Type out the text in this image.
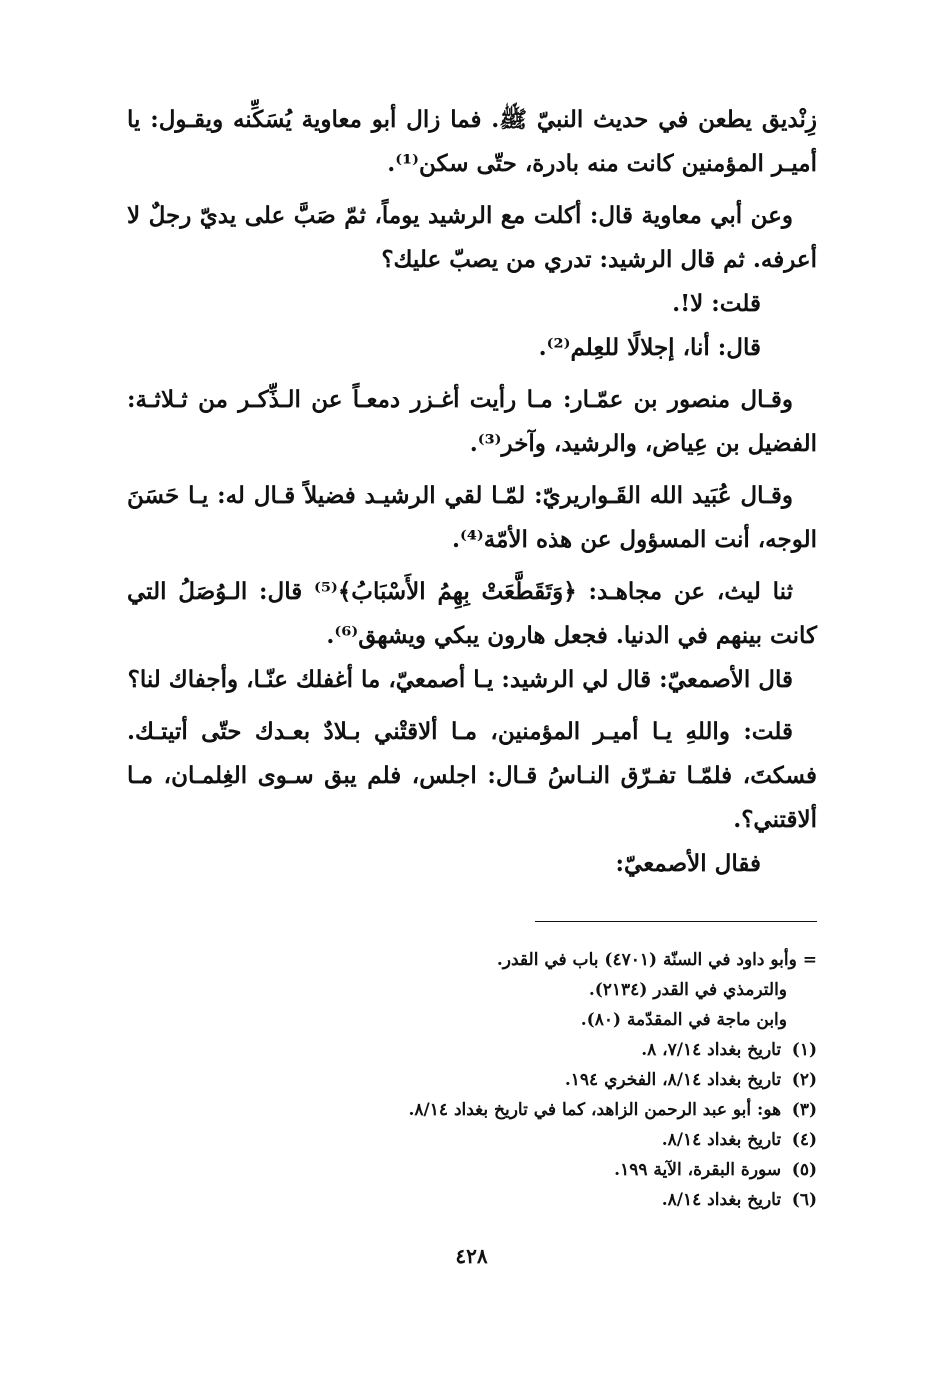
زِنْديق يطعن في حديث النبيّ ﷺ. فما زال أبو معاوية يُسَكِّنه ويقـول: يا أميـر المؤمنين كانت منه بادرة، حتّى سكن⁽¹⁾.

وعن أبي معاوية قال: أكلت مع الرشيد يوماً، ثمّ صَبَّ على يديّ رجلٌ لا أعرفه. ثم قال الرشيد: تدري من يصبّ عليك؟

قلت: لا!.
قال: أنا، إجلالًا للعِلم⁽²⁾.

وقـال منصور بن عمّـار: مـا رأيت أغـزر دمعـاً عن الـذِّكـر من ثـلاثـة: الفضيل بن عِياض، والرشيد، وآخر⁽³⁾.

وقـال عُبَيد الله القَـواريريّ: لمّـا لقي الرشيـد فضيلاً قـال له: يـا حَسَنَ الوجه، أنت المسؤول عن هذه الأمّة⁽⁴⁾.

ثنا ليث، عن مجاهـد: ﴿وَتَقَطَّعَتْ بِهِمُ الأَسْبَابُ﴾⁽⁵⁾ قال: الـوُصَلُ التي كانت بينهم في الدنيا. فجعل هارون يبكي ويشهق⁽⁶⁾.

قال الأصمعيّ: قال لي الرشيد: يـا أصمعيّ، ما أغفلك عنّـا، وأجفاك لنا؟

قلت: واللهِ يـا أميـر المؤمنين، مـا ألاقتْني بـلادٌ بعـدك حتّى أتيتـك. فسكتَ، فلمّـا تفـرّق النـاسُ قـال: اجلس، فلم يبق سـوى الغِلمـان، مـا ألاقتني؟.

فقال الأصمعيّ:
= وأبو داود في السنّة (٤٧٠١) باب في القدر.
والترمذي في القدر (٢١٣٤).
وابن ماجة في المقدّمة (٨٠).
(١) تاريخ بغداد ٧/١٤، ٨.
(٢) تاريخ بغداد ٨/١٤، الفخري ١٩٤.
(٣) هو: أبو عبد الرحمن الزاهد، كما في تاريخ بغداد ٨/١٤.
(٤) تاريخ بغداد ٨/١٤.
(٥) سورة البقرة، الآية ١٩٩.
(٦) تاريخ بغداد ٨/١٤.
٤٢٨
